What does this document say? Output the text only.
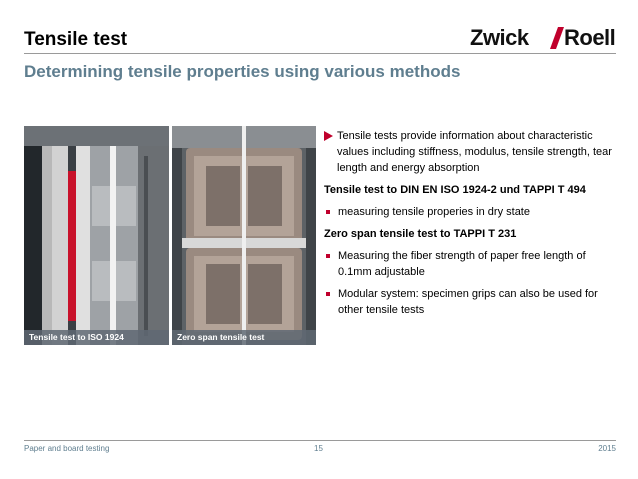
Tensile test	Zwick Roell
Determining tensile properties using various methods
Tensile test to ISO 1924	Zero span tensile test
Tensile tests provide information about characteristic values including stiffness, modulus, tensile strength, tear length and energy absorption
Tensile test to DIN EN ISO 1924-2 und TAPPI T 494
measuring tensile properies in dry state
Zero span tensile test to TAPPI T 231
Measuring the fiber strength of paper free length of 0.1mm adjustable
Modular system: specimen grips can also be used for other tensile tests
Paper and board testing	15	2015
